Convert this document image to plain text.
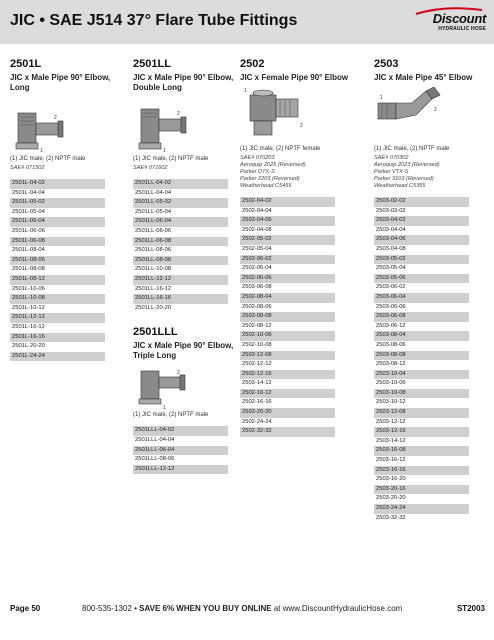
JIC • SAE J514 37° Flare Tube Fittings	Discount
HYDRAULIC HOSE
2501L
JIC x Male Pipe 90° Elbow, Long
1
2
(1) JIC male, (2) NPTF male
SAE# 071502
2501L-04-02
2501L-04-04
2501L-05-02
2501L-05-04
2501L-06-04
2501L-06-06
2501L-06-08
2501L-08-04
2501L-08-06
2501L-08-08
2501L-08-12
2501L-10-06
2501L-10-08
2501L-10-12
2501L-12-12
2501L-16-12
2501L-16-16
2501L-20-20
2501L-24-24
2501LL
JIC x Male Pipe 90° Elbow, Double Long
1
2
(1) JIC male, (2) NPTF male
SAE# 071602
2501LL-04-02
2501LL-04-04
2501LL-05-02
2501LL-05-04
2501LL-06-04
2501LL-06-06
2501LL-06-08
2501LL-08-06
2501LL-08-08
2501LL-10-08
2501LL-12-12
2501LL-16-12
2501LL-16-16
2501LL-20-20
2501LLL
JIC x Male Pipe 90° Elbow, Triple Long
1
2
(1) JIC male, (2) NPTF male
2501LLL-04-02
2501LLL-04-04
2501LLL-06-04
2501LLL-08-06
2501LLL-12-12
2502
JIC x Female Pipe 90° Elbow
1
2
(1) JIC male, (2) NPTF female
SAE# 070203
Aeroquip 2025 (Reversed)
Parker DTX-S
Parker 2203 (Reversed)
Weatherhead C5455
2502-04-02
2502-04-04
2502-04-06
2502-04-08
2502-05-02
2502-05-04
2502-06-02
2502-06-04
2502-06-06
2502-06-08
2502-08-04
2502-08-06
2502-08-08
2502-08-12
2502-10-06
2502-10-08
2502-12-08
2502-12-12
2502-12-16
2502-14-12
2502-16-12
2502-16-16
2502-20-20
2502-24-24
2502-32-32
2503
JIC x Male Pipe 45° Elbow
1
2
(1) JIC male, (2) NPTF male
SAE# 070302
Aeroquip 2023 (Reversed)
Parker VTX-S
Parker 3103 (Reversed)
Weatherhead C5355
2503-02-02
2503-03-02
2503-04-02
2503-04-04
2503-04-06
2503-04-08
2503-05-02
2503-05-04
2503-05-06
2503-06-02
2503-06-04
2503-06-06
2503-06-08
2503-06-12
2503-08-04
2503-08-06
2503-08-08
2503-08-12
2503-10-04
2503-10-06
2503-10-08
2503-10-12
2503-12-08
2503-12-12
2503-12-16
2503-14-12
2503-16-08
2503-16-12
2503-16-16
2503-16-20
2503-20-16
2503-20-20
2503-24-24
2503-32-32
Page 50	800-535-1302 • SAVE 6% WHEN YOU BUY ONLINE at www.DiscountHydraulicHose.com	ST2003
